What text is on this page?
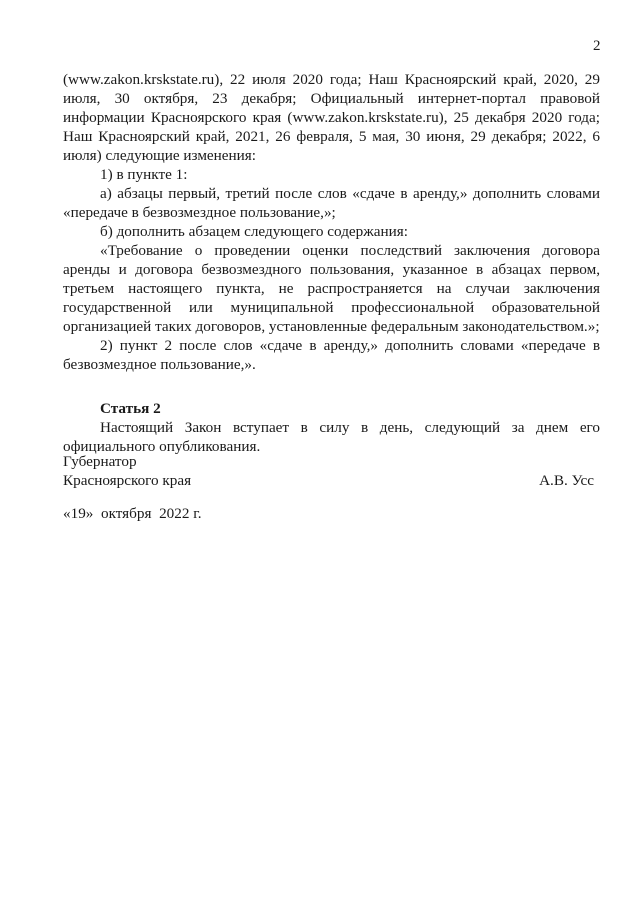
2

(www.zakon.krskstate.ru), 22 июля 2020 года; Наш Красноярский край, 2020, 29 июля, 30 октября, 23 декабря; Официальный интернет-портал правовой информации Красноярского края (www.zakon.krskstate.ru), 25 декабря 2020 года; Наш Красноярский край, 2021, 26 февраля, 5 мая, 30 июня, 29 декабря; 2022, 6 июля) следующие изменения:

1) в пункте 1:

а) абзацы первый, третий после слов «сдаче в аренду,» дополнить словами «передаче в безвозмездное пользование,»;

б) дополнить абзацем следующего содержания:

«Требование о проведении оценки последствий заключения договора аренды и договора безвозмездного пользования, указанное в абзацах первом, третьем настоящего пункта, не распространяется на случаи заключения государственной или муниципальной профессиональной образовательной организацией таких договоров, установленные федеральным законодательством.»;

2) пункт 2 после слов «сдаче в аренду,» дополнить словами «передаче в безвозмездное пользование,».

Статья 2

Настоящий Закон вступает в силу в день, следующий за днем его официального опубликования.

Губернатор
Красноярского края	А.В. Усс
«19»  октября  2022 г.
